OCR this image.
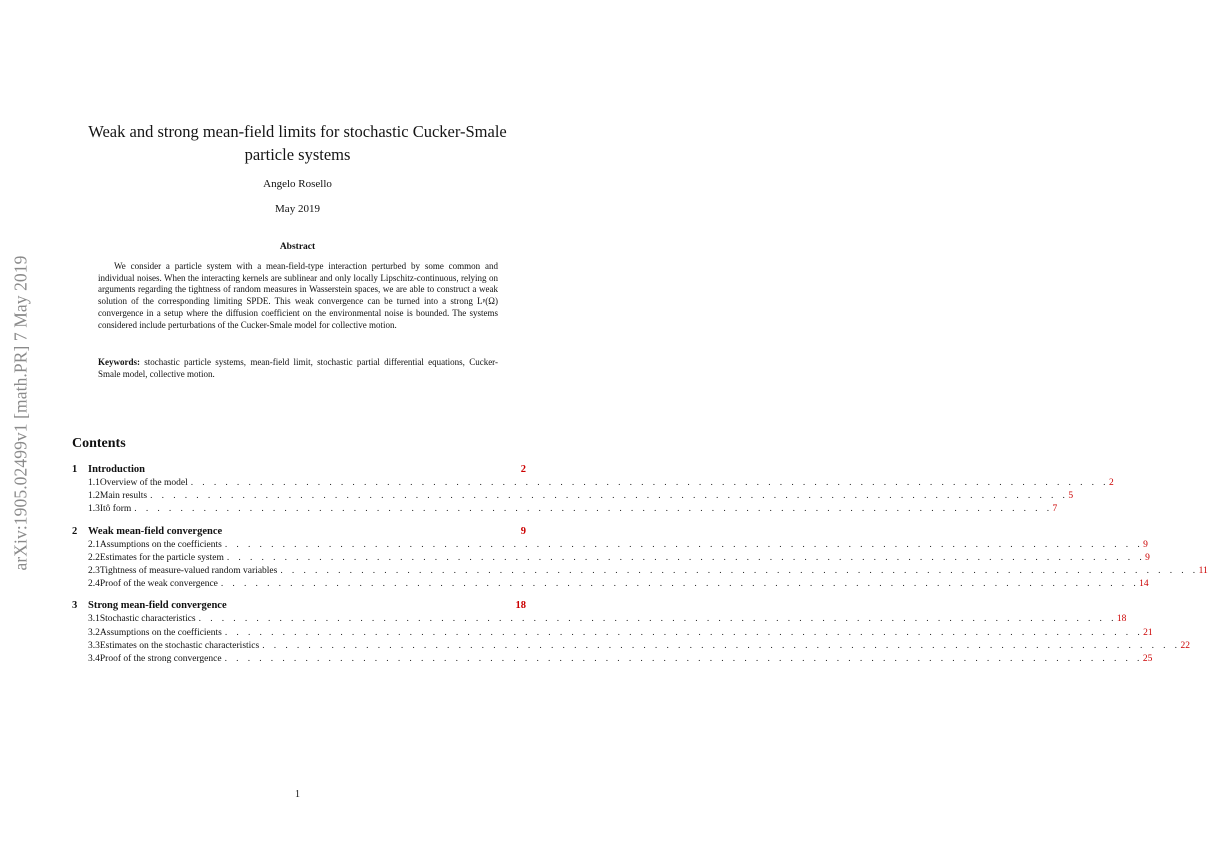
arXiv:1905.02499v1 [math.PR] 7 May 2019
Weak and strong mean-field limits for stochastic Cucker-Smale
particle systems
Angelo Rosello
May 2019
Abstract
We consider a particle system with a mean-field-type interaction perturbed by some common and individual noises. When the interacting kernels are sublinear and only locally Lipschitz-continuous, relying on arguments regarding the tightness of random measures in Wasserstein spaces, we are able to construct a weak solution of the corresponding limiting SPDE. This weak convergence can be turned into a strong Lᵖ(Ω) convergence in a setup where the diffusion coefficient on the environmental noise is bounded. The systems considered include perturbations of the Cucker-Smale model for collective motion.
Keywords: stochastic particle systems, mean-field limit, stochastic partial differential equations, Cucker-Smale model, collective motion.
Contents
1	Introduction	2
1.1 Overview of the model . . . . . . . . . . . . . . . . . . . . . . . . . . . . . . . . . . . . . . . . . . . . . . . . . . . . . . . . . . . . . . . . . . . . . . . . . . . . . . . . 2
1.2 Main results . . . . . . . . . . . . . . . . . . . . . . . . . . . . . . . . . . . . . . . . . . . . . . . . . . . . . . . . . . . . . . . . . . . . . . . . . . . . . . . . 5
1.3 Itô form . . . . . . . . . . . . . . . . . . . . . . . . . . . . . . . . . . . . . . . . . . . . . . . . . . . . . . . . . . . . . . . . . . . . . . . . . . . . . . . . 7
2	Weak mean-field convergence	9
2.1 Assumptions on the coefficients . . . . . . . . . . . . . . . . . . . . . . . . . . . . . . . . . . . . . . . . . . . . . . . . . . . . . . . . . . . . . . . . . . . . . . . . . . . . . . . . 9
2.2 Estimates for the particle system . . . . . . . . . . . . . . . . . . . . . . . . . . . . . . . . . . . . . . . . . . . . . . . . . . . . . . . . . . . . . . . . . . . . . . . . . . . . . . . . 9
2.3 Tightness of measure-valued random variables . . . . . . . . . . . . . . . . . . . . . . . . . . . . . . . . . . . . . . . . . . . . . . . . . . . . . . . . . . . . . . . . . . . . . . . . . . . . . . . . 11
2.4 Proof of the weak convergence . . . . . . . . . . . . . . . . . . . . . . . . . . . . . . . . . . . . . . . . . . . . . . . . . . . . . . . . . . . . . . . . . . . . . . . . . . . . . . . . 14
3	Strong mean-field convergence	18
3.1 Stochastic characteristics . . . . . . . . . . . . . . . . . . . . . . . . . . . . . . . . . . . . . . . . . . . . . . . . . . . . . . . . . . . . . . . . . . . . . . . . . . . . . . . . 18
3.2 Assumptions on the coefficients . . . . . . . . . . . . . . . . . . . . . . . . . . . . . . . . . . . . . . . . . . . . . . . . . . . . . . . . . . . . . . . . . . . . . . . . . . . . . . . . 21
3.3 Estimates on the stochastic characteristics . . . . . . . . . . . . . . . . . . . . . . . . . . . . . . . . . . . . . . . . . . . . . . . . . . . . . . . . . . . . . . . . . . . . . . . . . . . . . . . . 22
3.4 Proof of the strong convergence . . . . . . . . . . . . . . . . . . . . . . . . . . . . . . . . . . . . . . . . . . . . . . . . . . . . . . . . . . . . . . . . . . . . . . . . . . . . . . . . 25
1
